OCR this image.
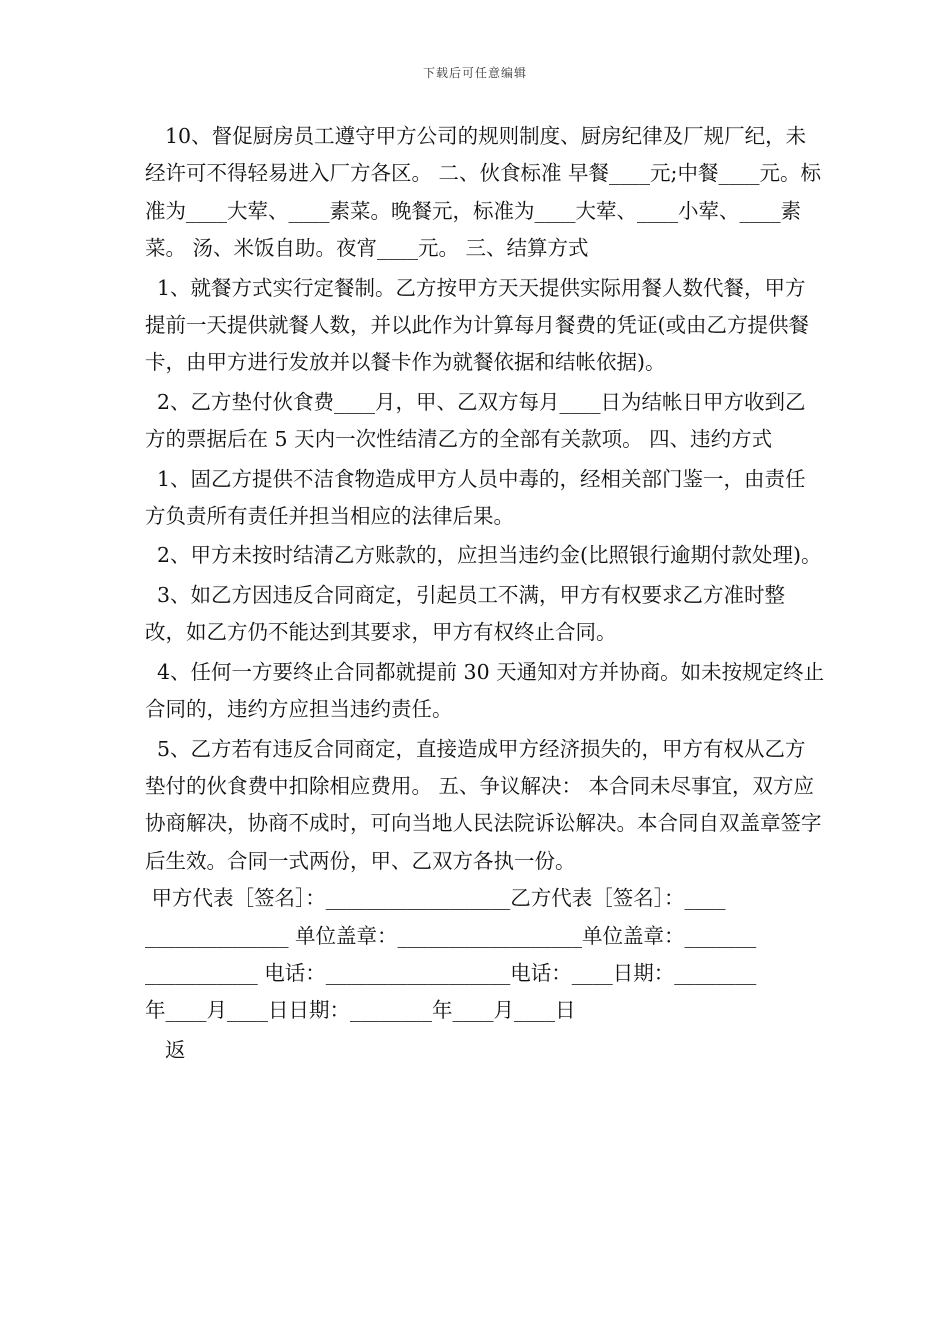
下载后可任意编辑

10、督促厨房员工遵守甲方公司的规则制度、厨房纪律及厂规厂纪，未经许可不得轻易进入厂方各区。 二、伙食标准 早餐____元;中餐____元。标准为____大荤、____素菜。晚餐元，标准为____大荤、____小荤、____素菜。 汤、米饭自助。夜宵____元。 三、结算方式

1、就餐方式实行定餐制。乙方按甲方天天提供实际用餐人数代餐，甲方提前一天提供就餐人数，并以此作为计算每月餐费的凭证(或由乙方提供餐卡，由甲方进行发放并以餐卡作为就餐依据和结帐依据)。

2、乙方垫付伙食费____月，甲、乙双方每月____日为结帐日甲方收到乙方的票据后在 5 天内一次性结清乙方的全部有关款项。 四、违约方式

1、固乙方提供不洁食物造成甲方人员中毒的，经相关部门鉴一，由责任方负责所有责任并担当相应的法律后果。

2、甲方未按时结清乙方账款的，应担当违约金(比照银行逾期付款处理)。

3、如乙方因违反合同商定，引起员工不满，甲方有权要求乙方准时整改，如乙方仍不能达到其要求，甲方有权终止合同。

4、任何一方要终止合同都就提前 30 天通知对方并协商。如未按规定终止合同的，违约方应担当违约责任。

5、乙方若有违反合同商定，直接造成甲方经济损失的，甲方有权从乙方垫付的伙食费中扣除相应费用。 五、争议解决： 本合同未尽事宜，双方应协商解决，协商不成时，可向当地人民法院诉讼解决。本合同自双盖章签字后生效。合同一式两份，甲、乙双方各执一份。

甲方代表［签名］：__________________乙方代表［签名］：____

______________ 单位盖章：__________________单位盖章：_______

___________ 电话：__________________电话：____日期：________

年____月____日日期：________年____月____日

返
